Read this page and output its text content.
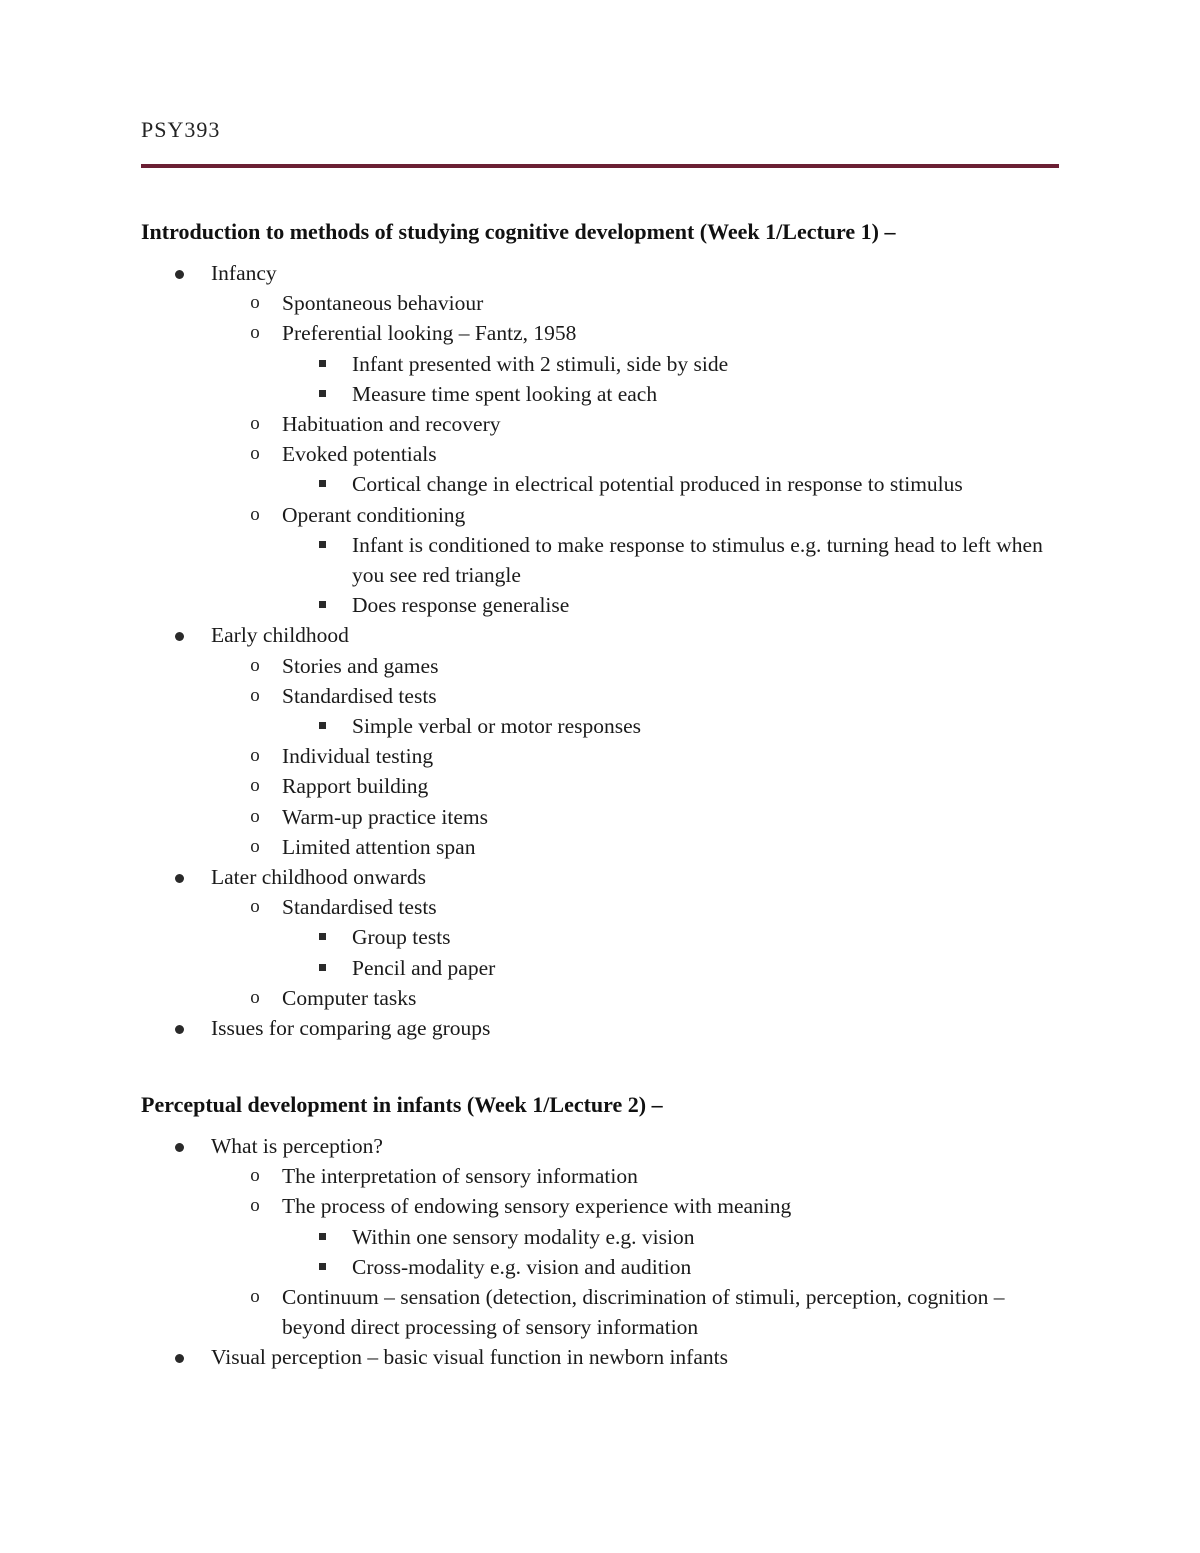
PSY393
Introduction to methods of studying cognitive development (Week 1/Lecture 1) –
Infancy
o Spontaneous behaviour
o Preferential looking – Fantz, 1958
Infant presented with 2 stimuli, side by side
Measure time spent looking at each
o Habituation and recovery
o Evoked potentials
Cortical change in electrical potential produced in response to stimulus
o Operant conditioning
Infant is conditioned to make response to stimulus e.g. turning head to left when you see red triangle
Does response generalise
Early childhood
o Stories and games
o Standardised tests
Simple verbal or motor responses
o Individual testing
o Rapport building
o Warm-up practice items
o Limited attention span
Later childhood onwards
o Standardised tests
Group tests
Pencil and paper
o Computer tasks
Issues for comparing age groups
Perceptual development in infants (Week 1/Lecture 2) –
What is perception?
o The interpretation of sensory information
o The process of endowing sensory experience with meaning
Within one sensory modality e.g. vision
Cross-modality e.g. vision and audition
o Continuum – sensation (detection, discrimination of stimuli, perception, cognition – beyond direct processing of sensory information
Visual perception – basic visual function in newborn infants
